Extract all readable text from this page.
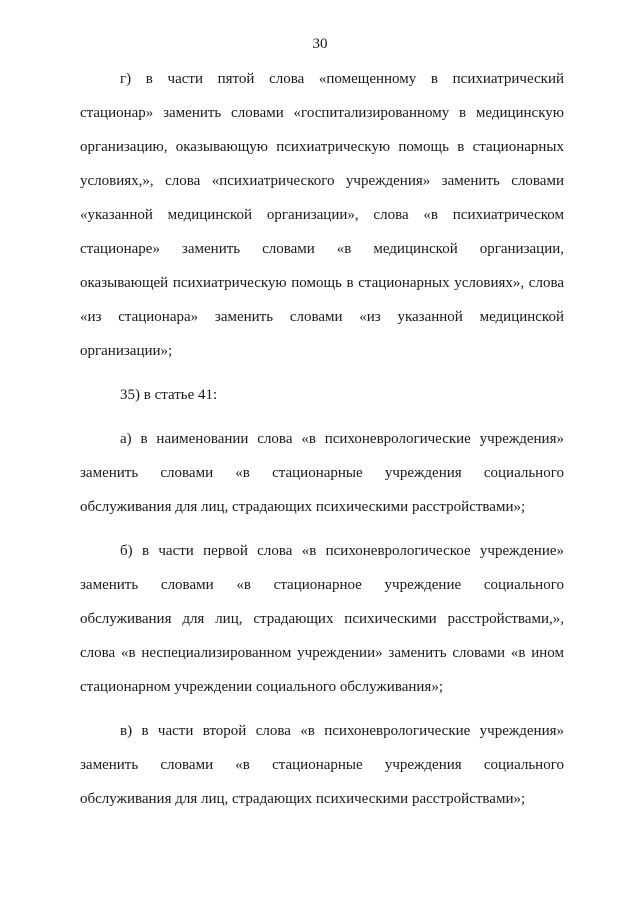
30

г) в части пятой слова «помещенному в психиатрический стационар» заменить словами «госпитализированному в медицинскую организацию, оказывающую психиатрическую помощь в стационарных условиях,», слова «психиатрического учреждения» заменить словами «указанной медицинской организации», слова «в психиатрическом стационаре» заменить словами «в медицинской организации, оказывающей психиатрическую помощь в стационарных условиях», слова «из стационара» заменить словами «из указанной медицинской организации»;

35) в статье 41:

а) в наименовании слова «в психоневрологические учреждения» заменить словами «в стационарные учреждения социального обслуживания для лиц, страдающих психическими расстройствами»;

б) в части первой слова «в психоневрологическое учреждение» заменить словами «в стационарное учреждение социального обслуживания для лиц, страдающих психическими расстройствами,», слова «в неспециализированном учреждении» заменить словами «в ином стационарном учреждении социального обслуживания»;

в) в части второй слова «в психоневрологические учреждения» заменить словами «в стационарные учреждения социального обслуживания для лиц, страдающих психическими расстройствами»;
